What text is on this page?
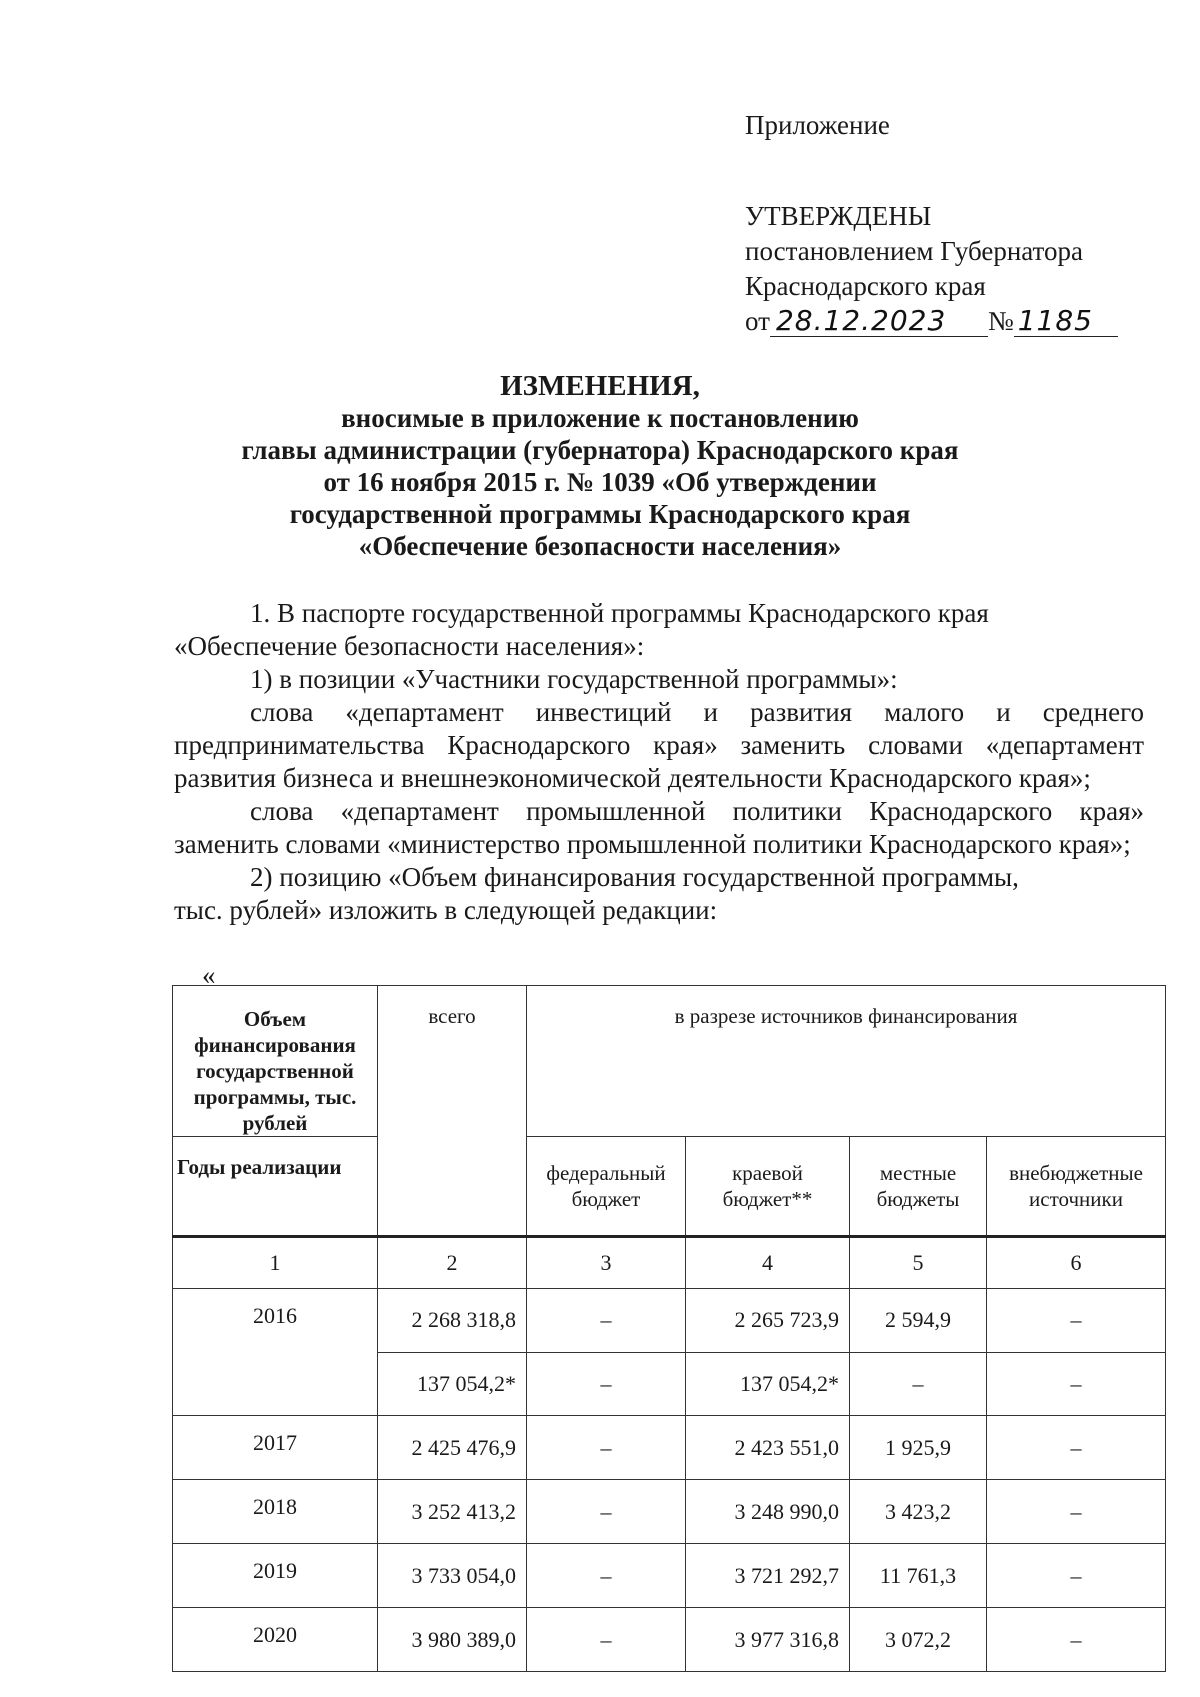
Приложение
УТВЕРЖДЕНЫ
постановлением Губернатора
Краснодарского края
от 28.12.2023 № 1185
ИЗМЕНЕНИЯ,
вносимые в приложение к постановлению
главы администрации (губернатора) Краснодарского края
от 16 ноября 2015 г. № 1039 «Об утверждении
государственной программы Краснодарского края
«Обеспечение безопасности населения»

1. В паспорте государственной программы Краснодарского края

«Обеспечение безопасности населения»:

1) в позиции «Участники государственной программы»:

слова «департамент инвестиций и развития малого и среднего предпринимательства Краснодарского края» заменить словами «департамент развития бизнеса и внешнеэкономической деятельности Краснодарского края»;

слова «департамент промышленной политики Краснодарского края» заменить словами «министерство промышленной политики Краснодарского края»;

2) позицию «Объем финансирования государственной программы,

тыс. рублей» изложить в следующей редакции:

«
Объем финансирования государственной программы, тыс. рублей	всего	в разрезе источников финансирования			
Годы реализации		федеральный бюджет	краевой бюджет**	местные бюджеты	внебюджетные источники
1	2	3	4	5	6
2016	2 268 318,8	–	2 265 723,9	2 594,9	–
	137 054,2*	–	137 054,2*	–	–
2017	2 425 476,9	–	2 423 551,0	1 925,9	–
2018	3 252 413,2	–	3 248 990,0	3 423,2	–
2019	3 733 054,0	–	3 721 292,7	11 761,3	–
2020	3 980 389,0	–	3 977 316,8	3 072,2	–
